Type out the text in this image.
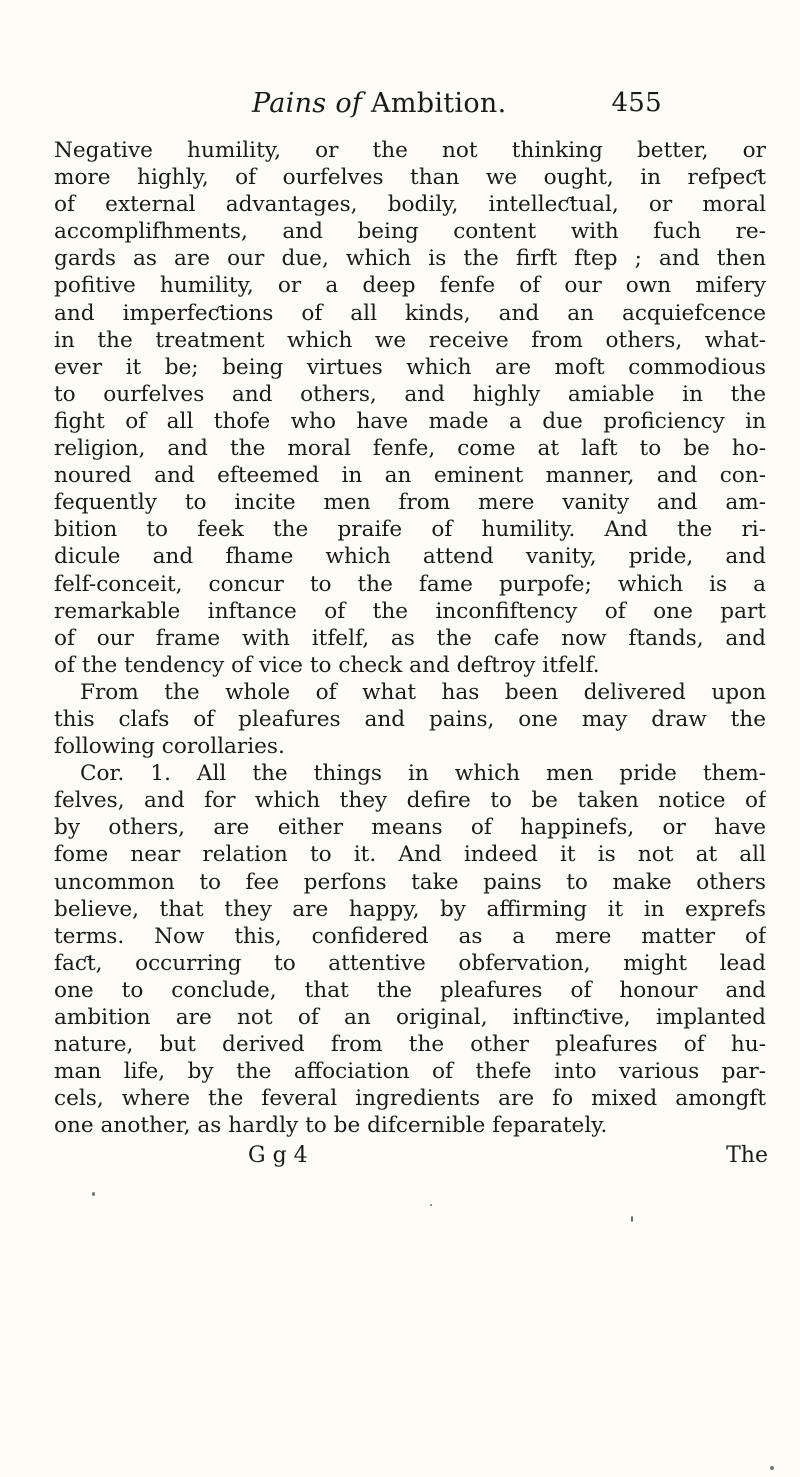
Pains of Ambition.	455
Negative humility, or the not thinking better, or
more highly, of ourfelves than we ought, in refpeƈt
of external advantages, bodily, intelleƈtual, or moral
accomplifhments, and being content with fuch re-
gards as are our due, which is the firft ftep ; and then
pofitive humility, or a deep fenfe of our own mifery
and imperfeƈtions of all kinds, and an acquiefcence
in the treatment which we receive from others, what-
ever it be; being virtues which are moft commodious
to ourfelves and others, and highly amiable in the
fight of all thofe who have made a due proficiency in
religion, and the moral fenfe, come at laft to be ho-
noured and efteemed in an eminent manner, and con-
fequently to incite men from mere vanity and am-
bition to feek the praife of humility. And the ri-
dicule and fhame which attend vanity, pride, and
felf-conceit, concur to the fame purpofe; which is a
remarkable inftance of the inconfiftency of one part
of our frame with itfelf, as the cafe now ftands, and
of the tendency of vice to check and deftroy itfelf.
From the whole of what has been delivered upon
this clafs of pleafures and pains, one may draw the
following corollaries.
Cor. 1. All the things in which men pride them-
felves, and for which they defire to be taken notice of
by others, are either means of happinefs, or have
fome near relation to it. And indeed it is not at all
uncommon to fee perfons take pains to make others
believe, that they are happy, by affirming it in exprefs
terms. Now this, confidered as a mere matter of
faƈt, occurring to attentive obfervation, might lead
one to conclude, that the pleafures of honour and
ambition are not of an original, inftinƈtive, implanted
nature, but derived from the other pleafures of hu-
man life, by the affociation of thefe into various par-
cels, where the feveral ingredients are fo mixed amongft
one another, as hardly to be difcernible feparately.
G g 4	The
